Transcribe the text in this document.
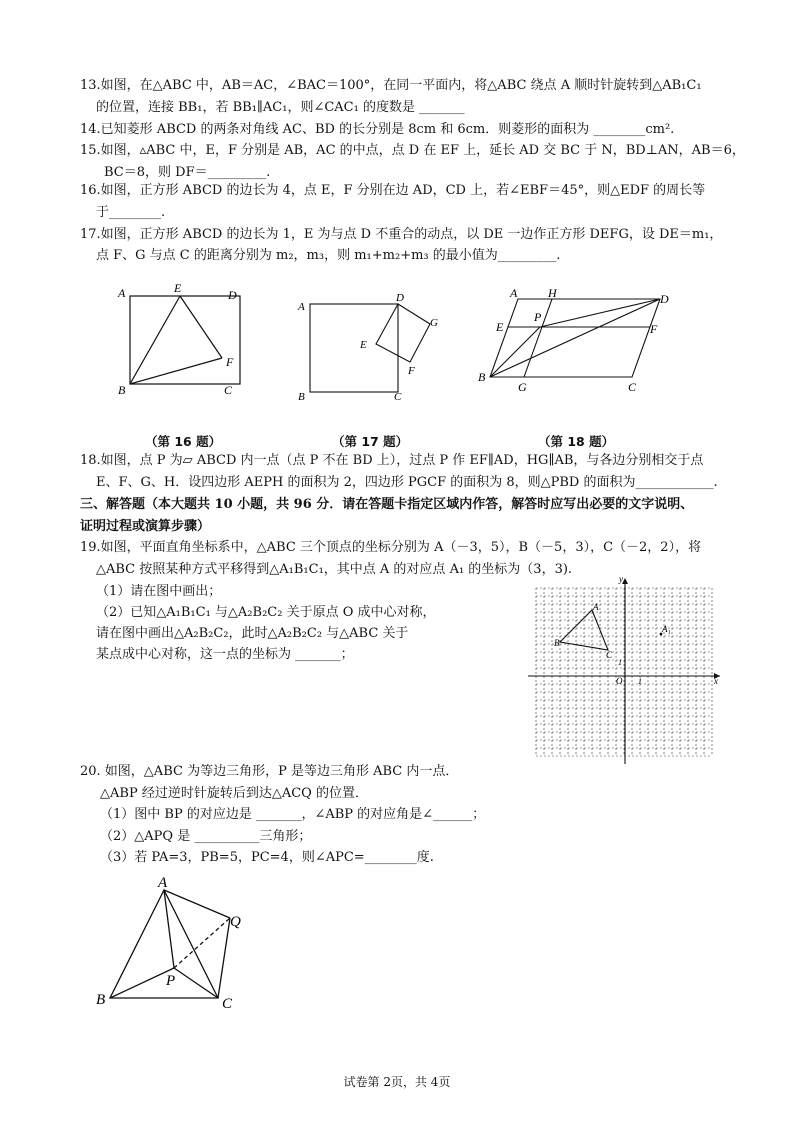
13.如图，在△ABC 中，AB＝AC，∠BAC＝100°，在同一平面内，将△ABC 绕点 A 顺时针旋转到△AB₁C₁
的位置，连接 BB₁，若 BB₁∥AC₁，则∠CAC₁ 的度数是 _______
14.已知菱形 ABCD 的两条对角线 AC、BD 的长分别是 8cm 和 6cm．则菱形的面积为 ________cm².
15.如图，▵ABC 中，E，F 分别是 AB，AC 的中点，点 D 在 EF 上，延长 AD 交 BC 于 N，BD⊥AN，AB＝6，
BC＝8，则 DF＝_________.
16.如图，正方形 ABCD 的边长为 4，点 E，F 分别在边 AD，CD 上，若∠EBF＝45°，则△EDF 的周长等
于________.
17.如图，正方形 ABCD 的边长为 1，E 为与点 D 不重合的动点，以 DE 一边作正方形 DEFG，设 DE＝m₁，
点 F、G 与点 C 的距离分别为 m₂，m₃，则 m₁+m₂+m₃ 的最小值为_________.
A	E	D
F
B	C
A
D
G
E
F
B	C
A	H	D
P
E	F
B
G	C
（第 16 题）	（第 17 题）	（第 18 题）
18.如图，点 P 为▱ ABCD 内一点（点 P 不在 BD 上），过点 P 作 EF∥AD，HG∥AB，与各边分别相交于点
E、F、G、H．设四边形 AEPH 的面积为 2，四边形 PGCF 的面积为 8，则△PBD 的面积为____________.
三、解答题（本大题共 10 小题，共 96 分．请在答题卡指定区域内作答，解答时应写出必要的文字说明、
证明过程或演算步骤）
19.如图，平面直角坐标系中，△ABC 三个顶点的坐标分别为 A（－3，5），B（－5，3），C（－2，2），将
△ABC 按照某种方式平移得到△A₁B₁C₁，其中点 A 的对应点 A₁ 的坐标为（3，3).
（1）请在图中画出；
（2）已知△A₁B₁C₁ 与△A₂B₂C₂ 关于原点 O 成中心对称，
请在图中画出△A₂B₂C₂，此时△A₂B₂C₂ 与△ABC 关于
某点成中心对称，这一点的坐标为 _______；
y
x
O 1
1
A
B
C
A₁
20. 如图，△ABC 为等边三角形，P 是等边三角形 ABC 内一点．
△ABP 经过逆时针旋转后到达△ACQ 的位置．
（1）图中 BP 的对应边是 _______，∠ABP 的对应角是∠______；
（2）△APQ 是 __________三角形；
（3）若 PA=3，PB=5，PC=4，则∠APC=________度.
A
Q
P
B	C
试卷第 2页，共 4页
